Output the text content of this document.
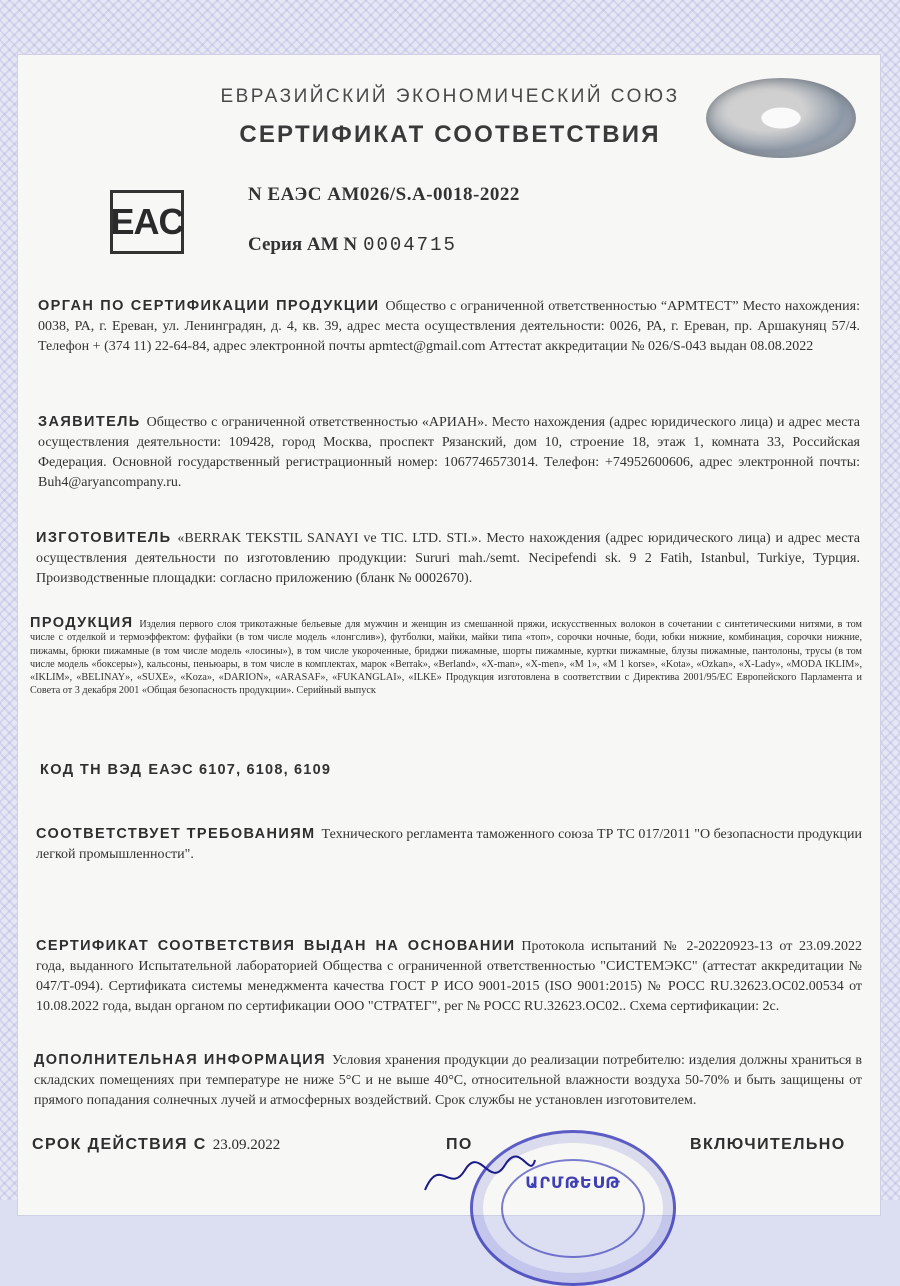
ЕВРАЗИЙСКИЙ ЭКОНОМИЧЕСКИЙ СОЮЗ

СЕРТИФИКАТ СООТВЕТСТВИЯ

EAC

N ЕАЭС АМ026/S.A-0018-2022

Серия АМ N 0004715

ОРГАН ПО СЕРТИФИКАЦИИ ПРОДУКЦИИ Общество с ограниченной ответственностью “АРМТЕСТ” Место нахождения: 0038, РА, г. Ереван, ул. Ленинградян, д. 4, кв. 39, адрес места осуществления деятельности: 0026, РА, г. Ереван, пр. Аршакуняц 57/4. Телефон + (374 11) 22-64-84, адрес электронной почты apmtect@gmail.com Аттестат аккредитации № 026/S-043 выдан 08.08.2022

ЗАЯВИТЕЛЬ Общество с ограниченной ответственностью «АРИАН». Место нахождения (адрес юридического лица) и адрес места осуществления деятельности: 109428, город Москва, проспект Рязанский, дом 10, строение 18, этаж 1, комната 33, Российская Федерация. Основной государственный регистрационный номер: 1067746573014. Телефон: +74952600606, адрес электронной почты: Buh4@aryancompany.ru.

ИЗГОТОВИТЕЛЬ «BERRAK TEKSTIL SANAYI ve TIC. LTD. STI.». Место нахождения (адрес юридического лица) и адрес места осуществления деятельности по изготовлению продукции: Sururi mah./semt. Necipefendi sk. 9 2 Fatih, Istanbul, Turkiye, Турция. Производственные площадки: согласно приложению (бланк № 0002670).

ПРОДУКЦИЯ Изделия первого слоя трикотажные бельевые для мужчин и женщин из смешанной пряжи, искусственных волокон в сочетании с синтетическими нитями, в том числе с отделкой и термоэффектом: фуфайки (в том числе модель «лонгслив»), футболки, майки, майки типа «топ», сорочки ночные, боди, юбки нижние, комбинация, сорочки нижние, пижамы, брюки пижамные (в том числе модель «лосины»), в том числе укороченные, бриджи пижамные, шорты пижамные, куртки пижамные, блузы пижамные, пантолоны, трусы (в том числе модель «боксеры»), кальсоны, пеньюары, в том числе в комплектах, марок «Berrak», «Berland», «X-man», «X-men», «M 1», «M 1 korse», «Kota», «Ozkan», «X-Lady», «MODA IKLIM», «IKLIM», «BELINAY», «SUXE», «Koza», «DARION», «ARASAF», «FUKANGLAI», «ILKE» Продукция изготовлена в соответствии с Директива 2001/95/ЕС Европейского Парламента и Совета от 3 декабря 2001 «Общая безопасность продукции». Серийный выпуск

КОД ТН ВЭД ЕАЭС 6107, 6108, 6109

СООТВЕТСТВУЕТ ТРЕБОВАНИЯМ Технического регламента таможенного союза ТР ТС 017/2011 "О безопасности продукции легкой промышленности".

СЕРТИФИКАТ СООТВЕТСТВИЯ ВЫДАН НА ОСНОВАНИИ Протокола испытаний № 2-20220923-13 от 23.09.2022 года, выданного Испытательной лабораторией Общества с ограниченной ответственностью "СИСТЕМЭКС" (аттестат аккредитации № 047/Т-094). Сертификата системы менеджмента качества ГОСТ Р ИСО 9001-2015 (ISO 9001:2015) № РОСС RU.32623.ОС02.00534 от 10.08.2022 года, выдан органом по сертификации ООО "СТРАТЕГ", рег № РОСС RU.32623.ОС02.. Схема сертификации: 2с.

ДОПОЛНИТЕЛЬНАЯ ИНФОРМАЦИЯ Условия хранения продукции до реализации потребителю: изделия должны храниться в складских помещениях при температуре не ниже 5°С и не выше 40°С, относительной влажности воздуха 50-70% и быть защищены от прямого попадания солнечных лучей и атмосферных воздействий. Срок службы не установлен изготовителем.

ԱՐՄԹԵՍԹ

СРОК ДЕЙСТВИЯ С 23.09.2022	ПО	ВКЛЮЧИТЕЛЬНО
